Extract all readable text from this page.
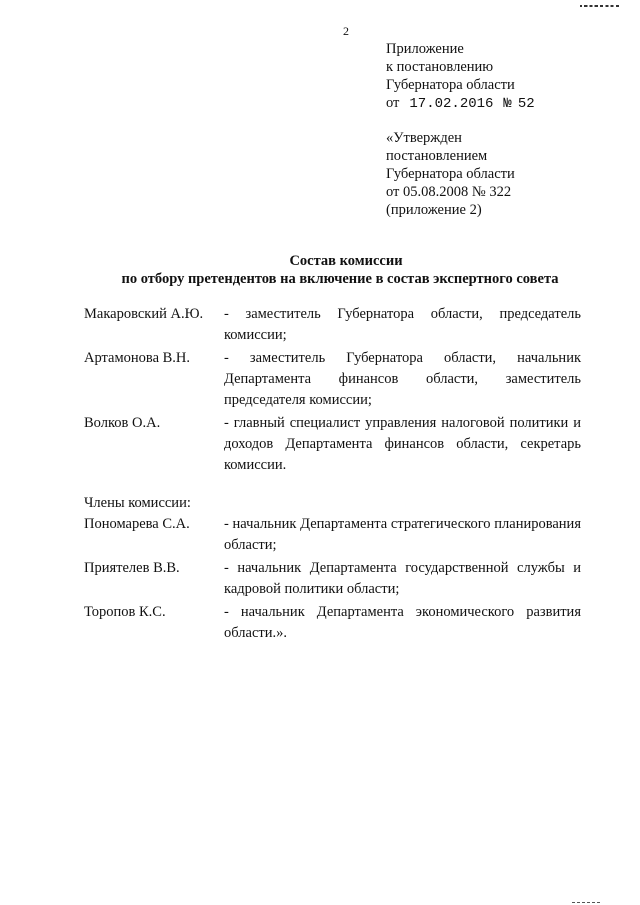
2
Приложение
к постановлению
Губернатора области
от 17.02.2016 № 52
«Утвержден
постановлением
Губернатора области
от 05.08.2008 № 322
(приложение 2)
Состав комиссии
по отбору претендентов на включение в состав экспертного совета
Макаровский А.Ю.	- заместитель Губернатора области, председатель комиссии;
Артамонова В.Н.	- заместитель Губернатора области, начальник Департамента финансов области, заместитель председателя комиссии;
Волков О.А.	- главный специалист управления налоговой политики и доходов Департамента финансов области, секретарь комиссии.
Члены комиссии:
Пономарева С.А.	- начальник Департамента стратегического планирования области;
Приятелев В.В.	- начальник Департамента государственной службы и кадровой политики области;
Торопов К.С.	- начальник Департамента экономического развития области.».
